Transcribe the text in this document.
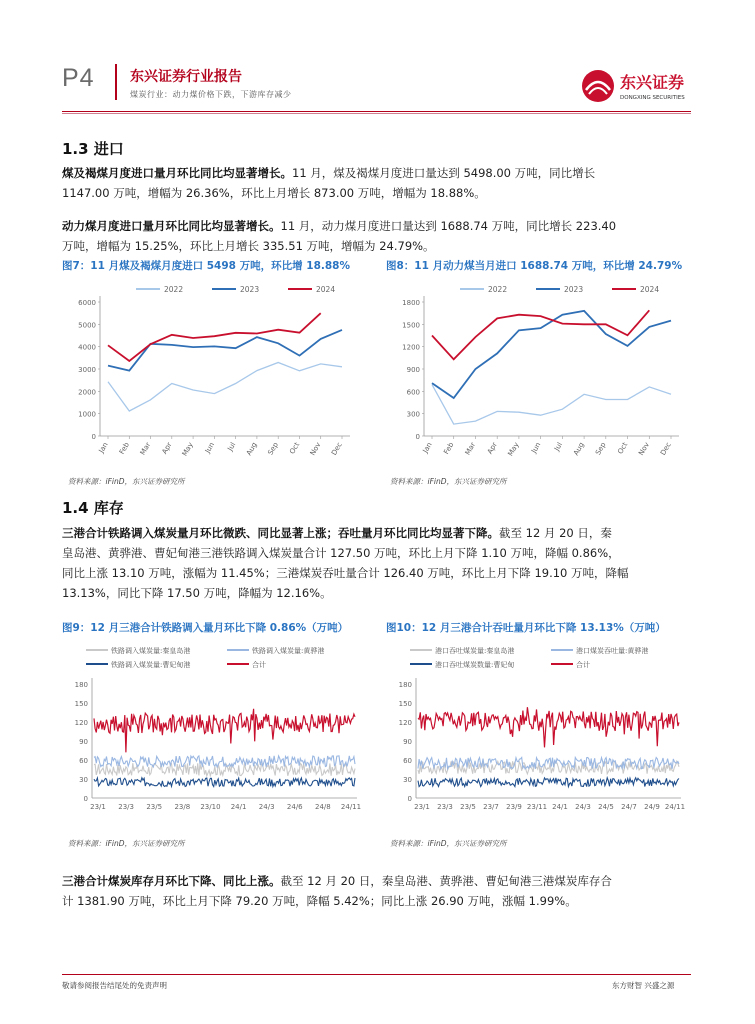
P4	东兴证券行业报告
煤炭行业：动力煤价格下跌，下游库存减少
东兴证券
DONGXING SECURITIES
1.3 进口
煤及褐煤月度进口量月环比同比均显著增长。11 月，煤及褐煤月度进口量达到 5498.00 万吨，同比增长
1147.00 万吨，增幅为 26.36%，环比上月增长 873.00 万吨，增幅为 18.88%。
动力煤月度进口量月环比同比均显著增长。11 月，动力煤月度进口量达到 1688.74 万吨，同比增长 223.40
万吨，增幅为 15.25%，环比上月增长 335.51 万吨，增幅为 24.79%。
图7：11 月煤及褐煤月度进口 5498 万吨，环比增 18.88%	图8：11 月动力煤当月进口 1688.74 万吨，环比增 24.79%
2022	2023	2024
0
1000
2000
3000
4000
5000
6000
Jan Feb Mar Apr May Jun Jul Aug Sep Oct Nov Dec
2022	2023	2024
0
300
600
900
1200
1500
1800
Jan Feb Mar Apr May Jun Jul Aug Sep Oct Nov Dec
资料来源：iFinD，东兴证券研究所	资料来源：iFinD，东兴证券研究所
1.4 库存
三港合计铁路调入煤炭量月环比微跌、同比显著上涨；吞吐量月环比同比均显著下降。截至 12 月 20 日，秦
皇岛港、黄骅港、曹妃甸港三港铁路调入煤炭量合计 127.50 万吨，环比上月下降 1.10 万吨，降幅 0.86%，
同比上涨 13.10 万吨，涨幅为 11.45%；三港煤炭吞吐量合计 126.40 万吨，环比上月下降 19.10 万吨，降幅
13.13%，同比下降 17.50 万吨，降幅为 12.16%。
图9：12 月三港合计铁路调入量月环比下降 0.86%（万吨）	图10：12 月三港合计吞吐量月环比下降 13.13%（万吨）
铁路调入煤炭量:秦皇岛港	铁路调入煤炭量:黄骅港
铁路调入煤炭量:曹妃甸港	合计
0
30
60
90
120
150
180
23/1 23/3 23/5 23/8 23/10 24/1 24/3 24/6 24/8 24/11
港口吞吐煤炭量:秦皇岛港	港口煤炭吞吐量:黄骅港
港口吞吐煤炭数量:曹妃甸	合计
0
30
60
90
120
150
180
23/1 23/3 23/5 23/7 23/9 23/11 24/1 24/3 24/5 24/7 24/9 24/11
资料来源：iFinD，东兴证券研究所	资料来源：iFinD，东兴证券研究所
三港合计煤炭库存月环比下降、同比上涨。截至 12 月 20 日，秦皇岛港、黄骅港、曹妃甸港三港煤炭库存合
计 1381.90 万吨，环比上月下降 79.20 万吨，降幅 5.42%；同比上涨 26.90 万吨，涨幅 1.99%。
敬请参阅报告结尾处的免责声明	东方财智 兴盛之源
